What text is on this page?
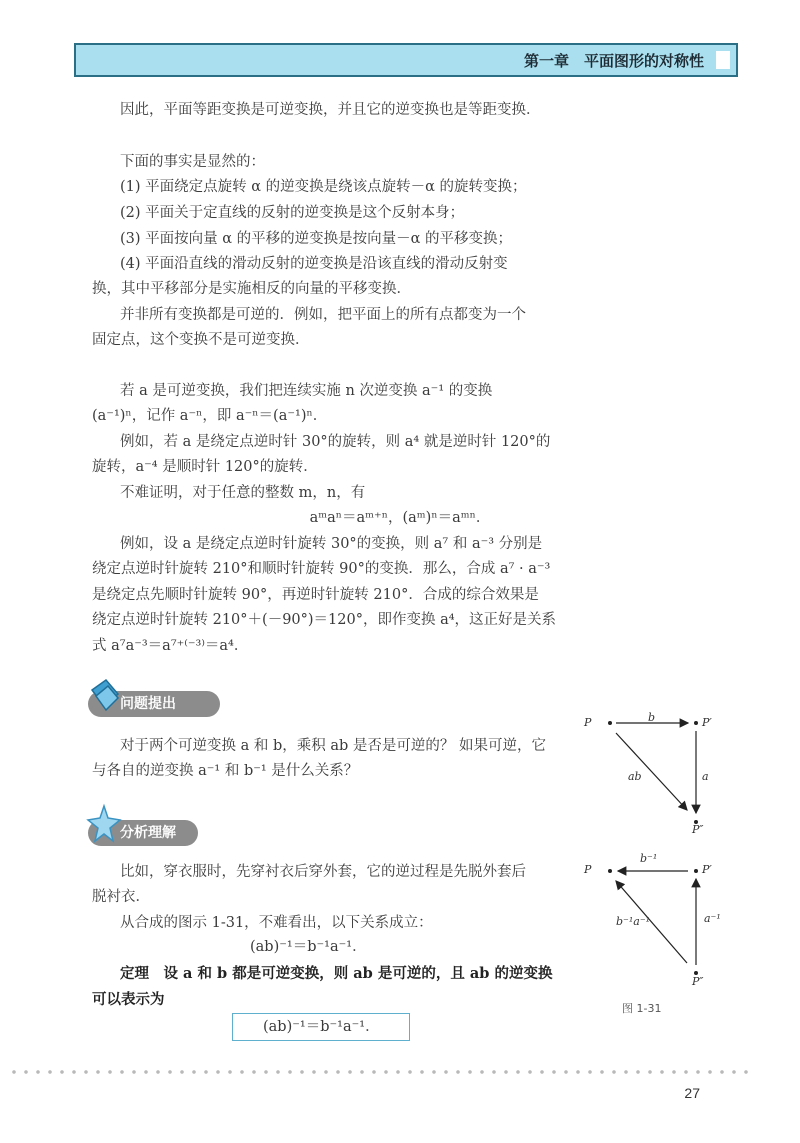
第一章　平面图形的对称性
因此，平面等距变换是可逆变换，并且它的逆变换也是等距变换．
下面的事实是显然的：
(1) 平面绕定点旋转 α 的逆变换是绕该点旋转－α 的旋转变换；
(2) 平面关于定直线的反射的逆变换是这个反射本身；
(3) 平面按向量 α 的平移的逆变换是按向量－α 的平移变换；
(4) 平面沿直线的滑动反射的逆变换是沿该直线的滑动反射变
换，其中平移部分是实施相反的向量的平移变换．
并非所有变换都是可逆的．例如，把平面上的所有点都变为一个
固定点，这个变换不是可逆变换．
若 a 是可逆变换，我们把连续实施 n 次逆变换 a⁻¹ 的变换
(a⁻¹)ⁿ，记作 a⁻ⁿ，即 a⁻ⁿ＝(a⁻¹)ⁿ．
例如，若 a 是绕定点逆时针 30°的旋转，则 a⁴ 就是逆时针 120°的
旋转，a⁻⁴ 是顺时针 120°的旋转．
不难证明，对于任意的整数 m，n，有
aᵐaⁿ＝aᵐ⁺ⁿ，(aᵐ)ⁿ＝aᵐⁿ．
例如，设 a 是绕定点逆时针旋转 30°的变换，则 a⁷ 和 a⁻³ 分别是
绕定点逆时针旋转 210°和顺时针旋转 90°的变换．那么，合成 a⁷ · a⁻³
是绕定点先顺时针旋转 90°，再逆时针旋转 210°．合成的综合效果是
绕定点逆时针旋转 210°＋(－90°)＝120°，即作变换 a⁴，这正好是关系
式 a⁷a⁻³＝a⁷⁺⁽⁻³⁾＝a⁴．
问题提出
对于两个可逆变换 a 和 b，乘积 ab 是否是可逆的？ 如果可逆，它
与各自的逆变换 a⁻¹ 和 b⁻¹ 是什么关系？
分析理解
比如，穿衣服时，先穿衬衣后穿外套，它的逆过程是先脱外套后
脱衬衣．
从合成的图示 1-31，不难看出，以下关系成立：
(ab)⁻¹＝b⁻¹a⁻¹．
定理　设 a 和 b 都是可逆变换，则 ab 是可逆的，且 ab 的逆变换
可以表示为
(ab)⁻¹＝b⁻¹a⁻¹．
P	P′
P″
b
a
ab
P	P′
P″
b⁻¹
a⁻¹
b⁻¹a⁻¹
图 1-31
27
